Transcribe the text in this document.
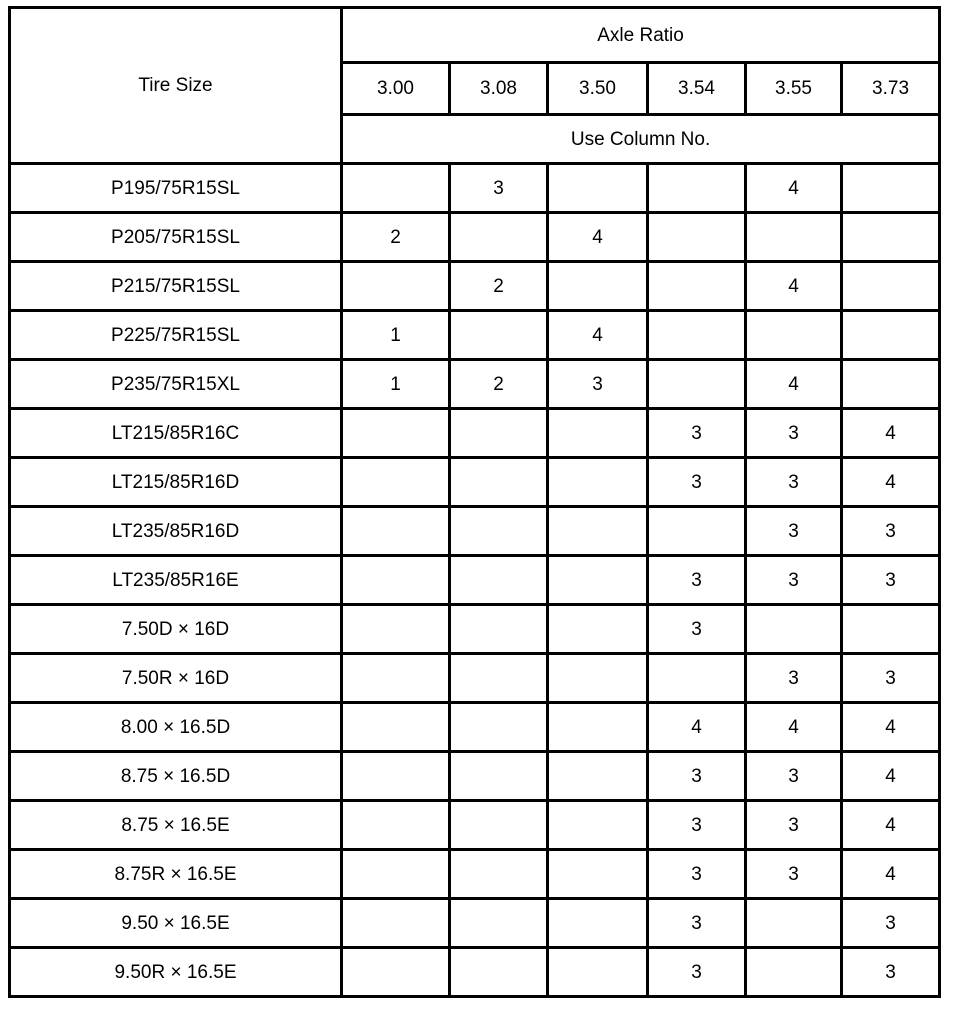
Tire Size	Axle Ratio					
	3.00	3.08	3.50	3.54	3.55	3.73
	Use Column No.					
P195/75R15SL		3			4	
P205/75R15SL	2		4			
P215/75R15SL		2			4	
P225/75R15SL	1		4			
P235/75R15XL	1	2	3		4	
LT215/85R16C				3	3	4
LT215/85R16D				3	3	4
LT235/85R16D					3	3
LT235/85R16E				3	3	3
7.50D × 16D				3		
7.50R × 16D					3	3
8.00 × 16.5D				4	4	4
8.75 × 16.5D				3	3	4
8.75 × 16.5E				3	3	4
8.75R × 16.5E				3	3	4
9.50 × 16.5E				3		3
9.50R × 16.5E				3		3
